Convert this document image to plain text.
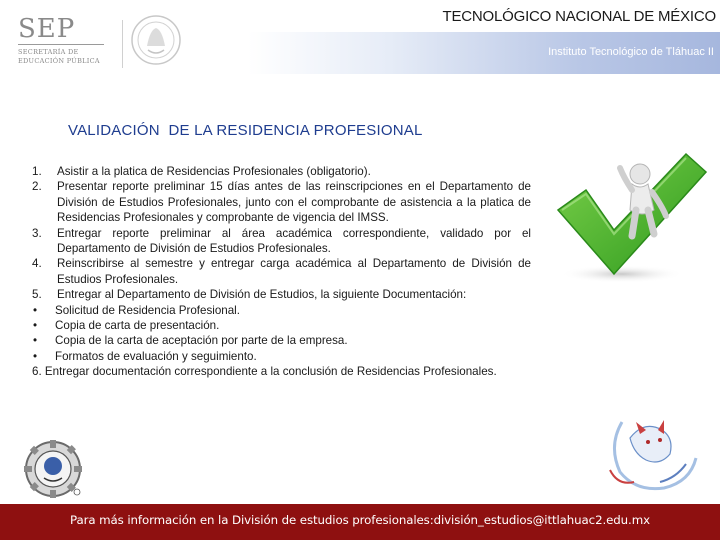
SEP
SECRETARÍA DE EDUCACIÓN PÚBLICA
TECNOLÓGICO NACIONAL DE MÉXICO
Instituto Tecnológico de Tláhuac II
VALIDACIÓN  DE LA RESIDENCIA PROFESIONAL
1. Asistir a la platica de Residencias Profesionales (obligatorio).
2. Presentar reporte preliminar 15 días antes de las reinscripciones en el Departamento de División de Estudios Profesionales, junto con el comprobante de asistencia a la platica de Residencias Profesionales y comprobante de vigencia del IMSS.
3. Entregar reporte preliminar al área académica correspondiente, validado por el Departamento de División de Estudios Profesionales.
4. Reinscribirse al semestre y entregar carga académica al Departamento de División de Estudios Profesionales.
5. Entregar al Departamento de División de Estudios, la siguiente Documentación:
• Solicitud de Residencia Profesional.
• Copia de carta de presentación.
• Copia de la carta de aceptación por parte de la empresa.
• Formatos de evaluación y seguimiento.
6. Entregar documentación correspondiente a la conclusión de Residencias Profesionales.
Para más información en la División de estudios profesionales:división_estudios@ittlahuac2.edu.mx
